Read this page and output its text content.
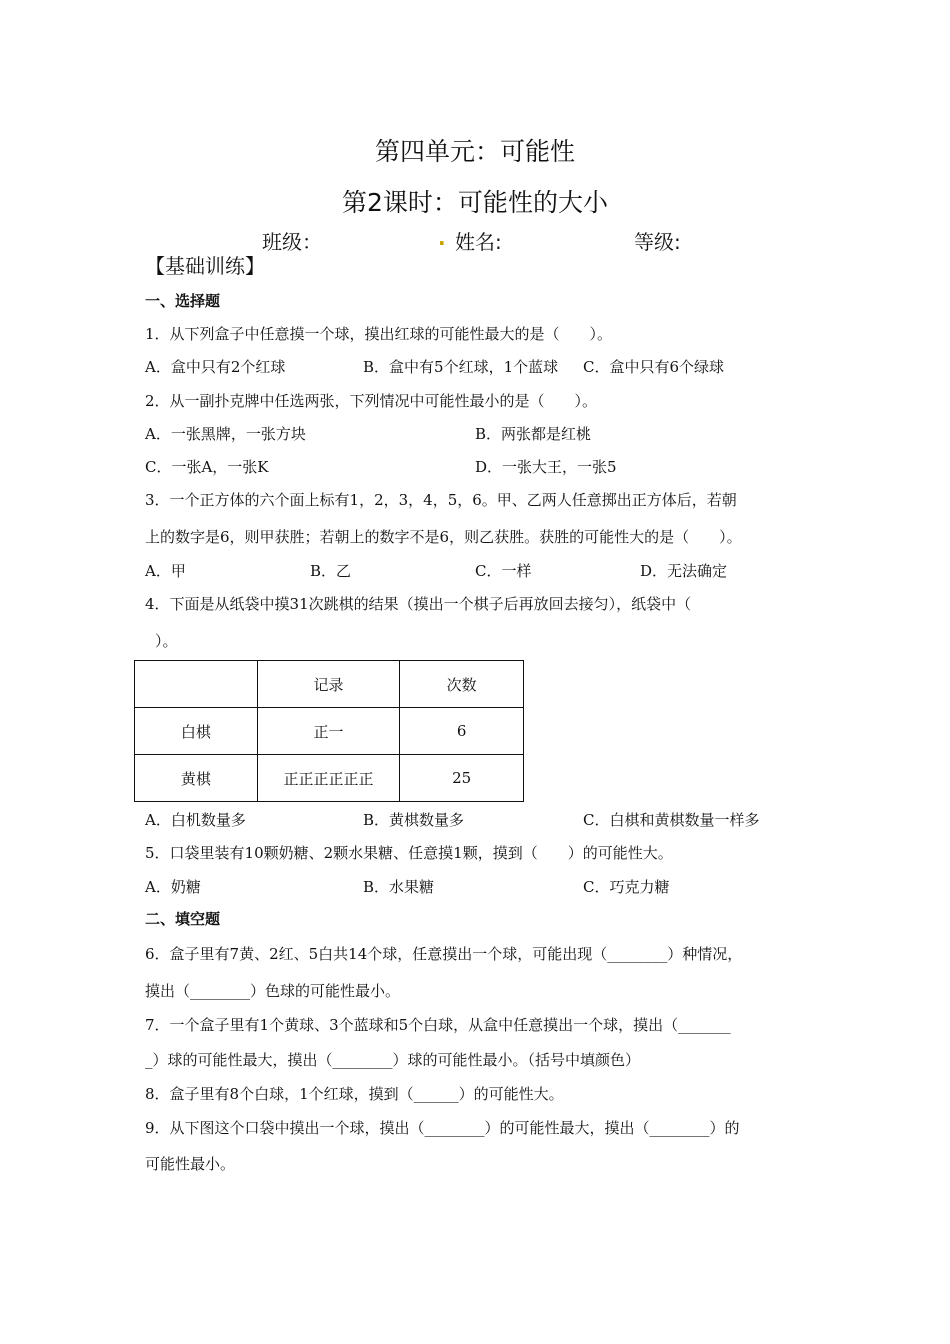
第四单元：可能性
第2课时：可能性的大小
班级：	. 姓名:	等级:
【基础训练】
一、选择题
1．从下列盒子中任意摸一个球，摸出红球的可能性最大的是（　　）。
A．盒中只有2个红球	B．盒中有5个红球，1个蓝球 C．盒中只有6个绿球
2．从一副扑克牌中任选两张，下列情况中可能性最小的是（　　）。
A．一张黑牌，一张方块	B．两张都是红桃
C．一张A，一张K	D．一张大王，一张5
3．一个正方体的六个面上标有1，2，3，4，5，6。甲、乙两人任意掷出正方体后，若朝
上的数字是6，则甲获胜；若朝上的数字不是6，则乙获胜。获胜的可能性大的是（　　）。
A．甲	B．乙	C．一样	D．无法确定
4．下面是从纸袋中摸31次跳棋的结果（摸出一个棋子后再放回去接匀），纸袋中（
）。
	记录	次数
白棋	正一	6
黄棋	正正正正正正	25
A．白机数量多	B．黄棋数量多	C．白棋和黄棋数量一样多
5．口袋里装有10颗奶糖、2颗水果糖、任意摸1颗，摸到（　　）的可能性大。
A．奶糖	B．水果糖	C．巧克力糖
二、填空题
6．盒子里有7黄、2红、5白共14个球，任意摸出一个球，可能出现（________）种情况，
摸出（________）色球的可能性最小。
7．一个盒子里有1个黄球、3个蓝球和5个白球，从盒中任意摸出一个球，摸出（_______
_）球的可能性最大，摸出（________）球的可能性最小。（括号中填颜色）
8．盒子里有8个白球，1个红球，摸到（______）的可能性大。
9．从下图这个口袋中摸出一个球，摸出（________）的可能性最大，摸出（________）的
可能性最小。
